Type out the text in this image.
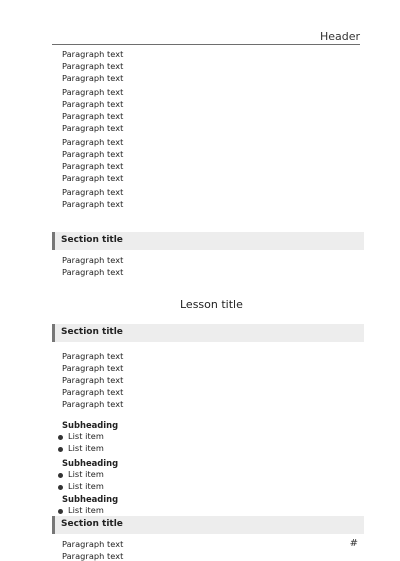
Header
Paragraph text
Paragraph text
Paragraph text
Paragraph text
Paragraph text
Paragraph text
Paragraph text
Paragraph text
Paragraph text
Paragraph text
Paragraph text
Paragraph text
Paragraph text
Section title
Paragraph text
Paragraph text
Lesson title
Section title
Paragraph text
Paragraph text
Paragraph text
Paragraph text
Paragraph text
Subheading
List item
List item
Subheading
List item
List item
Subheading
List item
Section title
Paragraph text
Paragraph text
#
